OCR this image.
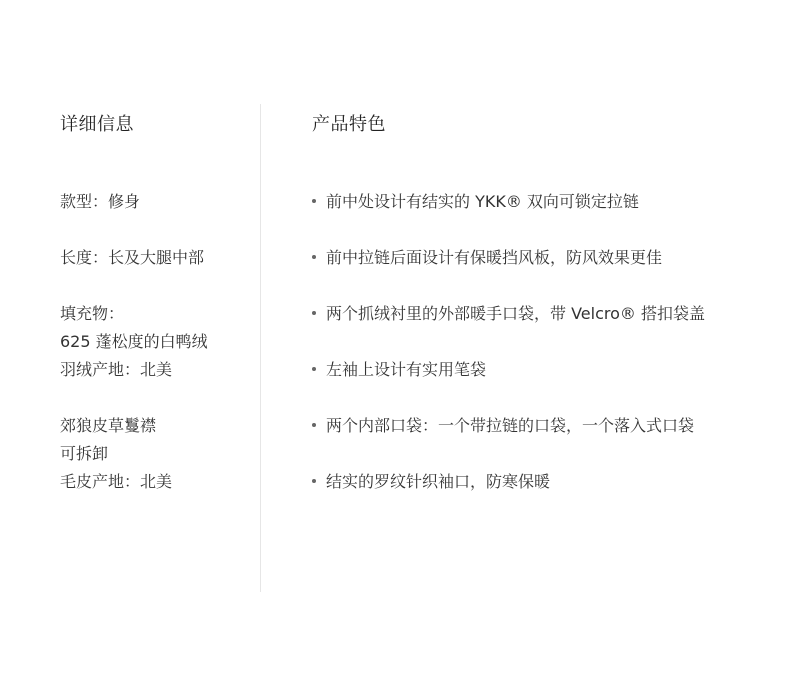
详细信息
款型：修身
长度：长及大腿中部
填充物：
625 蓬松度的白鸭绒
羽绒产地：北美
郊狼皮草鬘襟
可拆卸
毛皮产地：北美
产品特色
前中处设计有结实的 YKK® 双向可锁定拉链
前中拉链后面设计有保暖挡风板，防风效果更佳
两个抓绒衬里的外部暖手口袋，带 Velcro® 搭扣袋盖
左袖上设计有实用笔袋
两个内部口袋：一个带拉链的口袋，一个落入式口袋
结实的罗纹针织袖口，防寒保暖
